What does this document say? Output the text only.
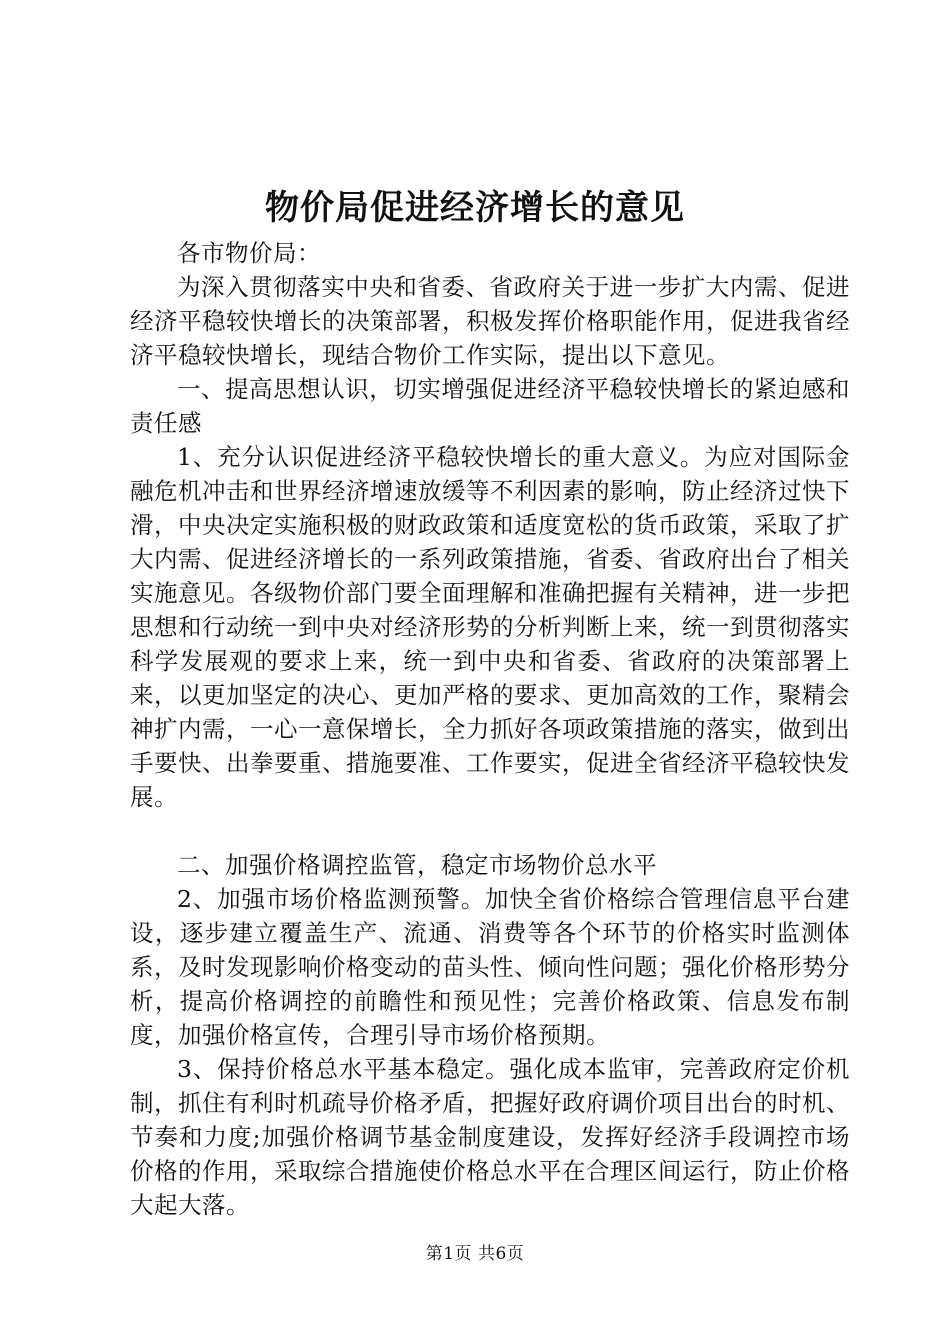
物价局促进经济增长的意见

各市物价局：

为深入贯彻落实中央和省委、省政府关于进一步扩大内需、促进经济平稳较快增长的决策部署，积极发挥价格职能作用，促进我省经济平稳较快增长，现结合物价工作实际，提出以下意见。

一、提高思想认识，切实增强促进经济平稳较快增长的紧迫感和责任感

1、充分认识促进经济平稳较快增长的重大意义。为应对国际金融危机冲击和世界经济增速放缓等不利因素的影响，防止经济过快下滑，中央决定实施积极的财政政策和适度宽松的货币政策，采取了扩大内需、促进经济增长的一系列政策措施，省委、省政府出台了相关实施意见。各级物价部门要全面理解和准确把握有关精神，进一步把思想和行动统一到中央对经济形势的分析判断上来，统一到贯彻落实科学发展观的要求上来，统一到中央和省委、省政府的决策部署上来，以更加坚定的决心、更加严格的要求、更加高效的工作，聚精会神扩内需，一心一意保增长，全力抓好各项政策措施的落实，做到出手要快、出拳要重、措施要准、工作要实，促进全省经济平稳较快发展。

二、加强价格调控监管，稳定市场物价总水平

2、加强市场价格监测预警。加快全省价格综合管理信息平台建设，逐步建立覆盖生产、流通、消费等各个环节的价格实时监测体系，及时发现影响价格变动的苗头性、倾向性问题；强化价格形势分析，提高价格调控的前瞻性和预见性；完善价格政策、信息发布制度，加强价格宣传，合理引导市场价格预期。

3、保持价格总水平基本稳定。强化成本监审，完善政府定价机制，抓住有利时机疏导价格矛盾，把握好政府调价项目出台的时机、节奏和力度;加强价格调节基金制度建设，发挥好经济手段调控市场价格的作用，采取综合措施使价格总水平在合理区间运行，防止价格大起大落。

第1页 共6页
